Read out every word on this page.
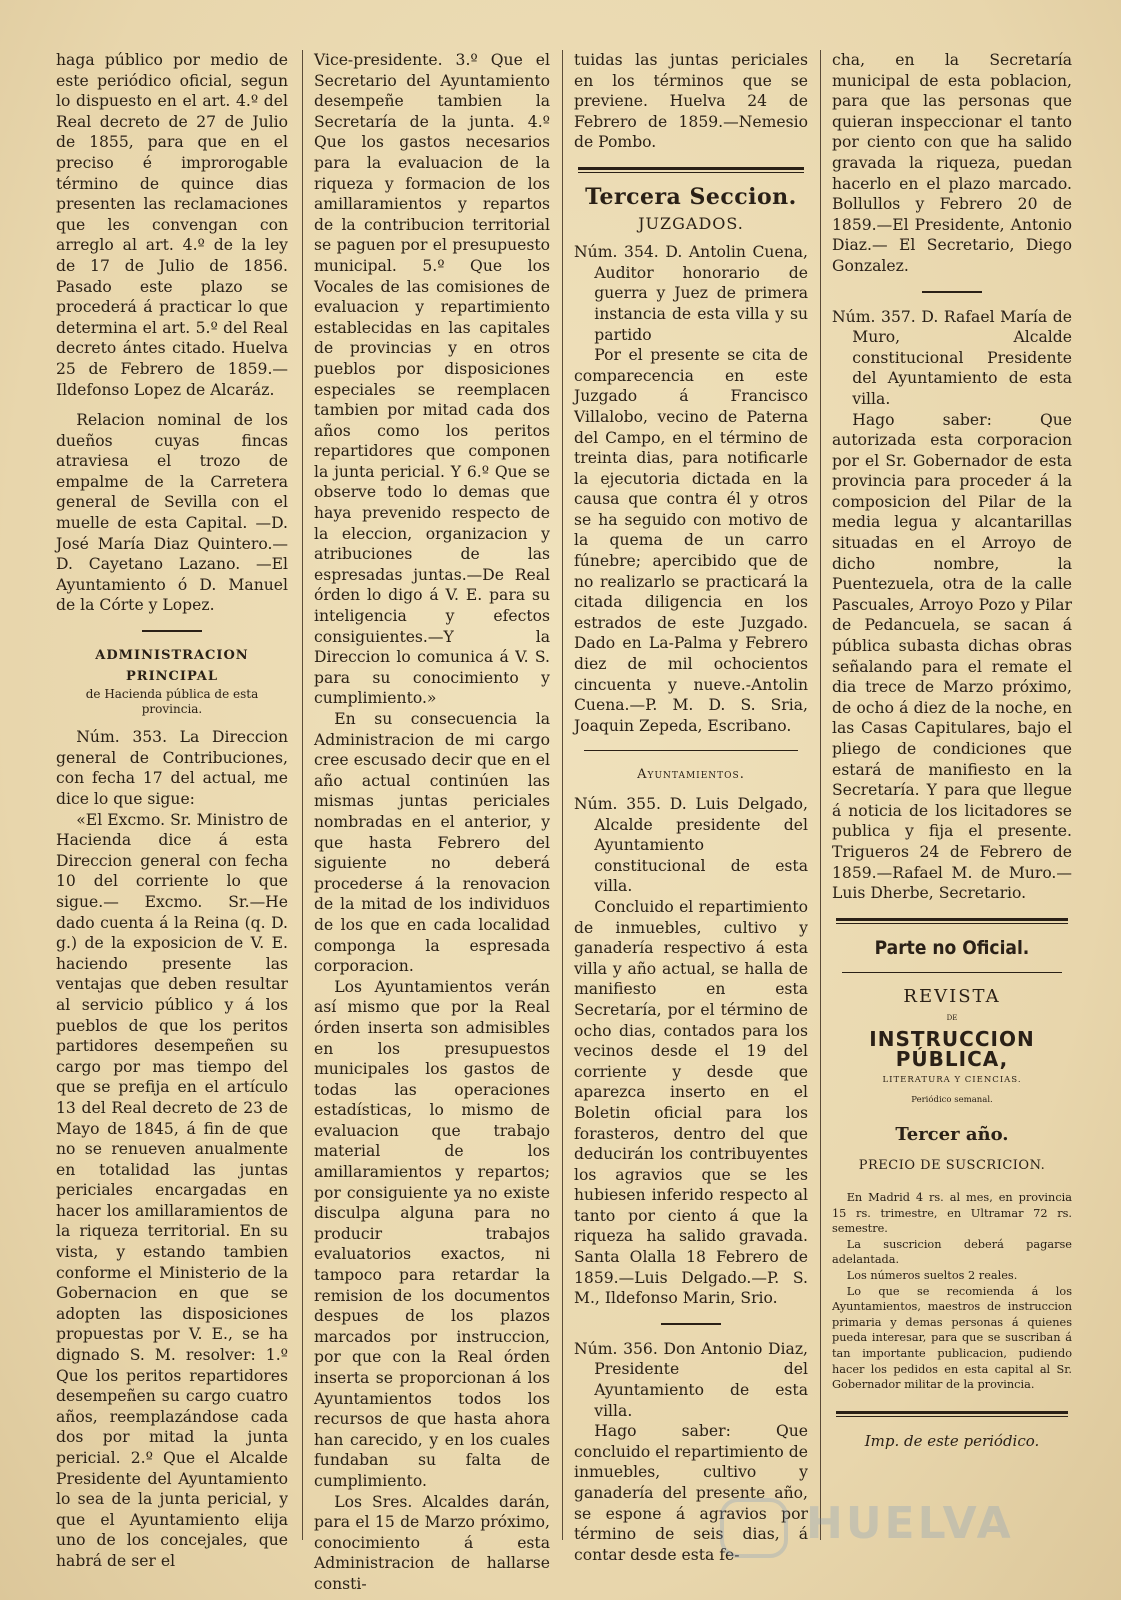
haga público por medio de este periódico oficial, segun lo dispuesto en el art. 4.º del Real decreto de 27 de Julio de 1855, para que en el preciso é improrogable término de quince dias presenten las reclamaciones que les convengan con arreglo al art. 4.º de la ley de 17 de Julio de 1856. Pasado este plazo se procederá á practicar lo que determina el art. 5.º del Real decreto ántes citado. Huelva 25 de Febrero de 1859.— Ildefonso Lopez de Alcaráz.

Relacion nominal de los dueños cuyas fincas atraviesa el trozo de empalme de la Carretera general de Sevilla con el muelle de esta Capital. —D. José María Diaz Quintero.—D. Cayetano Lazano. —El Ayuntamiento ó D. Manuel de la Córte y Lopez.

ADMINISTRACION PRINCIPAL
de Hacienda pública de esta provincia.

Núm. 353. La Direccion general de Contribuciones, con fecha 17 del actual, me dice lo que sigue:

«El Excmo. Sr. Ministro de Hacienda dice á esta Direccion general con fecha 10 del corriente lo que sigue.— Excmo. Sr.—He dado cuenta á la Reina (q. D. g.) de la exposicion de V. E. haciendo presente las ventajas que deben resultar al servicio público y á los pueblos de que los peritos partidores desempeñen su cargo por mas tiempo del que se prefija en el artículo 13 del Real decreto de 23 de Mayo de 1845, á fin de que no se renueven anualmente en totalidad las juntas periciales encargadas en hacer los amillaramientos de la riqueza territorial. En su vista, y estando tambien conforme el Ministerio de la Gobernacion en que se adopten las disposiciones propuestas por V. E., se ha dignado S. M. resolver: 1.º Que los peritos repartidores desempeñen su cargo cuatro años, reemplazándose cada dos por mitad la junta pericial. 2.º Que el Alcalde Presidente del Ayuntamiento lo sea de la junta pericial, y que el Ayuntamiento elija uno de los concejales, que habrá de ser el

Vice-presidente. 3.º Que el Secretario del Ayuntamiento desempeñe tambien la Secretaría de la junta. 4.º Que los gastos necesarios para la evaluacion de la riqueza y formacion de los amillaramientos y repartos de la contribucion territorial se paguen por el presupuesto municipal. 5.º Que los Vocales de las comisiones de evaluacion y repartimiento establecidas en las capitales de provincias y en otros pueblos por disposiciones especiales se reemplacen tambien por mitad cada dos años como los peritos repartidores que componen la junta pericial. Y 6.º Que se observe todo lo demas que haya prevenido respecto de la eleccion, organizacion y atribuciones de las espresadas juntas.—De Real órden lo digo á V. E. para su inteligencia y efectos consiguientes.—Y la Direccion lo comunica á V. S. para su conocimiento y cumplimiento.»

En su consecuencia la Administracion de mi cargo cree escusado decir que en el año actual continúen las mismas juntas periciales nombradas en el anterior, y que hasta Febrero del siguiente no deberá procederse á la renovacion de la mitad de los individuos de los que en cada localidad componga la espresada corporacion.

Los Ayuntamientos verán así mismo que por la Real órden inserta son admisibles en los presupuestos municipales los gastos de todas las operaciones estadísticas, lo mismo de evaluacion que trabajo material de los amillaramientos y repartos; por consiguiente ya no existe disculpa alguna para no producir trabajos evaluatorios exactos, ni tampoco para retardar la remision de los documentos despues de los plazos marcados por instruccion, por que con la Real órden inserta se proporcionan á los Ayuntamientos todos los recursos de que hasta ahora han carecido, y en los cuales fundaban su falta de cumplimiento.

Los Sres. Alcaldes darán, para el 15 de Marzo próximo, conocimiento á esta Administracion de hallarse consti-

tuidas las juntas periciales en los términos que se previene. Huelva 24 de Febrero de 1859.—Nemesio de Pombo.

Tercera Seccion.
JUZGADOS.

Núm. 354. D. Antolin Cuena, Auditor honorario de guerra y Juez de primera instancia de esta villa y su partido

Por el presente se cita de comparecencia en este Juzgado á Francisco Villalobo, vecino de Paterna del Campo, en el término de treinta dias, para notificarle la ejecutoria dictada en la causa que contra él y otros se ha seguido con motivo de la quema de un carro fúnebre; apercibido que de no realizarlo se practicará la citada diligencia en los estrados de este Juzgado. Dado en La-Palma y Febrero diez de mil ochocientos cincuenta y nueve.-Antolin Cuena.—P. M. D. S. Sria, Joaquin Zepeda, Escribano.

Ayuntamientos.

Núm. 355. D. Luis Delgado, Alcalde presidente del Ayuntamiento constitucional de esta villa.

Concluido el repartimiento de inmuebles, cultivo y ganadería respectivo á esta villa y año actual, se halla de manifiesto en esta Secretaría, por el término de ocho dias, contados para los vecinos desde el 19 del corriente y desde que aparezca inserto en el Boletin oficial para los forasteros, dentro del que deducirán los contribuyentes los agravios que se les hubiesen inferido respecto al tanto por ciento á que la riqueza ha salido gravada. Santa Olalla 18 Febrero de 1859.—Luis Delgado.—P. S. M., Ildefonso Marin, Srio.

Núm. 356. Don Antonio Diaz, Presidente del Ayuntamiento de esta villa.

Hago saber: Que concluido el repartimiento de inmuebles, cultivo y ganadería del presente año, se espone á agravios por término de seis dias, á contar desde esta fe-

cha, en la Secretaría municipal de esta poblacion, para que las personas que quieran inspeccionar el tanto por ciento con que ha salido gravada la riqueza, puedan hacerlo en el plazo marcado. Bollullos y Febrero 20 de 1859.—El Presidente, Antonio Diaz.— El Secretario, Diego Gonzalez.

Núm. 357. D. Rafael María de Muro, Alcalde constitucional Presidente del Ayuntamiento de esta villa.

Hago saber: Que autorizada esta corporacion por el Sr. Gobernador de esta provincia para proceder á la composicion del Pilar de la media legua y alcantarillas situadas en el Arroyo de dicho nombre, la Puentezuela, otra de la calle Pascuales, Arroyo Pozo y Pilar de Pedancuela, se sacan á pública subasta dichas obras señalando para el remate el dia trece de Marzo próximo, de ocho á diez de la noche, en las Casas Capitulares, bajo el pliego de condiciones que estará de manifiesto en la Secretaría. Y para que llegue á noticia de los licitadores se publica y fija el presente. Trigueros 24 de Febrero de 1859.—Rafael M. de Muro.—Luis Dherbe, Secretario.

Parte no Oficial.
REVISTA
DE
INSTRUCCION PÚBLICA,
LITERATURA Y CIENCIAS.
Periódico semanal.
Tercer año.
PRECIO DE SUSCRICION.

En Madrid 4 rs. al mes, en provincia 15 rs. trimestre, en Ultramar 72 rs. semestre.

La suscricion deberá pagarse adelantada.

Los números sueltos 2 reales.

Lo que se recomienda á los Ayuntamientos, maestros de instruccion primaria y demas personas á quienes pueda interesar, para que se suscriban á tan importante publicacion, pudiendo hacer los pedidos en esta capital al Sr. Gobernador militar de la provincia.

Imp. de este periódico.
HUELVA
